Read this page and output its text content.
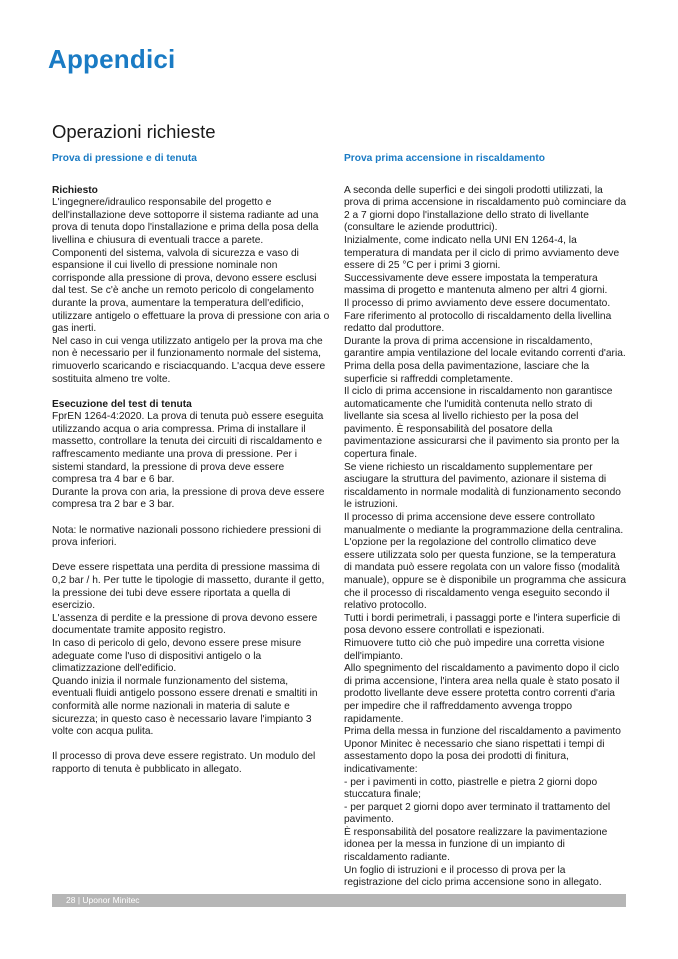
Appendici
Operazioni richieste
Prova di pressione e di tenuta
Richiesto

L'ingegnere/idraulico responsabile del progetto e dell'installazione deve sottoporre il sistema radiante ad una prova di tenuta dopo l'installazione e prima della posa della livellina e chiusura di eventuali tracce a parete.

Componenti del sistema, valvola di sicurezza e vaso di espansione il cui livello di pressione nominale non corrisponde alla pressione di prova, devono essere esclusi dal test. Se c'è anche un remoto pericolo di congelamento durante la prova, aumentare la temperatura dell'edificio, utilizzare antigelo o effettuare la prova di pressione con aria o gas inerti.

Nel caso in cui venga utilizzato antigelo per la prova ma che non è necessario per il funzionamento normale del sistema, rimuoverlo scaricando e risciacquando. L'acqua deve essere sostituita almeno tre volte.

Esecuzione del test di tenuta

FprEN 1264-4:2020. La prova di tenuta può essere eseguita utilizzando acqua o aria compressa. Prima di installare il massetto, controllare la tenuta dei circuiti di riscaldamento e raffrescamento mediante una prova di pressione. Per i sistemi standard, la pressione di prova deve essere compresa tra 4 bar e 6 bar.

Durante la prova con aria, la pressione di prova deve essere compresa tra 2 bar e 3 bar.

Nota: le normative nazionali possono richiedere pressioni di prova inferiori.

Deve essere rispettata una perdita di pressione massima di 0,2 bar / h. Per tutte le tipologie di massetto, durante il getto, la pressione dei tubi deve essere riportata a quella di esercizio.

L'assenza di perdite e la pressione di prova devono essere documentate tramite apposito registro.

In caso di pericolo di gelo, devono essere prese misure adeguate come l'uso di dispositivi antigelo o la climatizzazione dell'edificio.

Quando inizia il normale funzionamento del sistema, eventuali fluidi antigelo possono essere drenati e smaltiti in conformità alle norme nazionali in materia di salute e sicurezza; in questo caso è necessario lavare l'impianto 3 volte con acqua pulita.

Il processo di prova deve essere registrato. Un modulo del rapporto di tenuta è pubblicato in allegato.

Prova prima accensione in riscaldamento

A seconda delle superfici e dei singoli prodotti utilizzati, la prova di prima accensione in riscaldamento può cominciare da 2 a 7 giorni dopo l'installazione dello strato di livellante (consultare le aziende produttrici).

Inizialmente, come indicato nella UNI EN 1264-4, la temperatura di mandata per il ciclo di primo avviamento deve essere di 25 °C per i primi 3 giorni.

Successivamente deve essere impostata la temperatura massima di progetto e mantenuta almeno per altri 4 giorni.

Il processo di primo avviamento deve essere documentato. Fare riferimento al protocollo di riscaldamento della livellina redatto dal produttore.

Durante la prova di prima accensione in riscaldamento, garantire ampia ventilazione del locale evitando correnti d'aria. Prima della posa della pavimentazione, lasciare che la superficie si raffreddi completamente.

Il ciclo di prima accensione in riscaldamento non garantisce automaticamente che l'umidità contenuta nello strato di livellante sia scesa al livello richiesto per la posa del pavimento. È responsabilità del posatore della pavimentazione assicurarsi che il pavimento sia pronto per la copertura finale.

Se viene richiesto un riscaldamento supplementare per asciugare la struttura del pavimento, azionare il sistema di riscaldamento in normale modalità di funzionamento secondo le istruzioni.

Il processo di prima accensione deve essere controllato manualmente o mediante la programmazione della centralina. L'opzione per la regolazione del controllo climatico deve essere utilizzata solo per questa funzione, se la temperatura di mandata può essere regolata con un valore fisso (modalità manuale), oppure se è disponibile un programma che assicura che il processo di riscaldamento venga eseguito secondo il relativo protocollo.

Tutti i bordi perimetrali, i passaggi porte e l'intera superficie di posa devono essere controllati e ispezionati.

Rimuovere tutto ciò che può impedire una corretta visione dell'impianto.

Allo spegnimento del riscaldamento a pavimento dopo il ciclo di prima accensione, l'intera area nella quale è stato posato il prodotto livellante deve essere protetta contro correnti d'aria per impedire che il raffreddamento avvenga troppo rapidamente.

Prima della messa in funzione del riscaldamento a pavimento Uponor Minitec è necessario che siano rispettati i tempi di assestamento dopo la posa dei prodotti di finitura, indicativamente:

- per i pavimenti in cotto, piastrelle e pietra 2 giorni dopo stuccatura finale;

- per parquet 2 giorni dopo aver terminato il trattamento del pavimento.

È responsabilità del posatore realizzare la pavimentazione idonea per la messa in funzione di un impianto di riscaldamento radiante.

Un foglio di istruzioni e il processo di prova per la registrazione del ciclo prima accensione sono in allegato.

28 | Uponor Minitec
